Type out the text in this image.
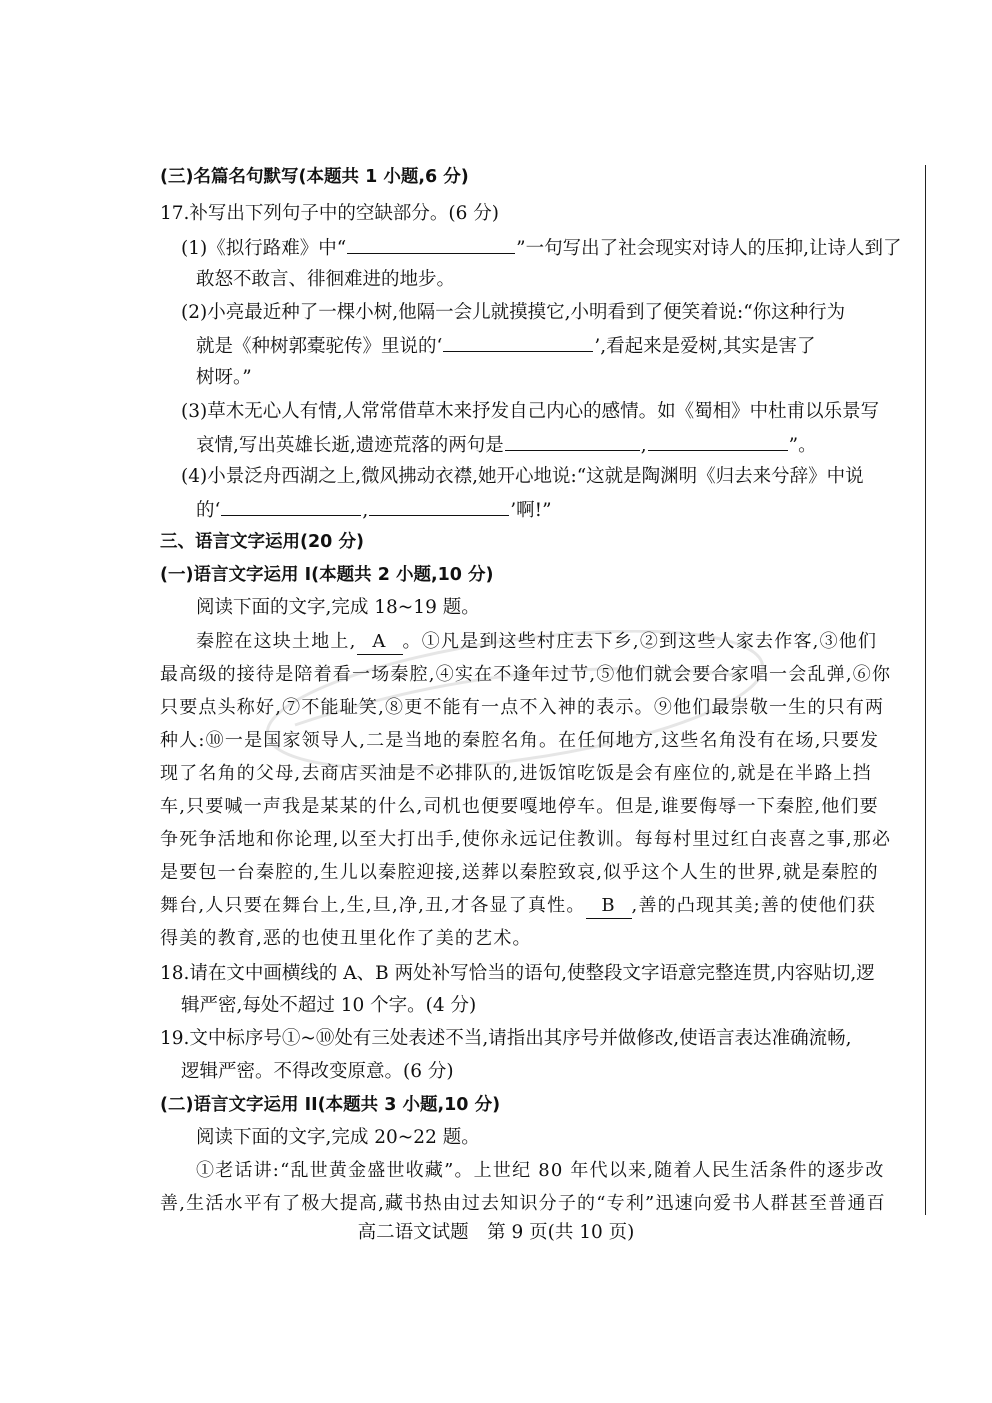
(三)名篇名句默写(本题共 1 小题,6 分)
17.补写出下列句子中的空缺部分。(6 分)
(1)《拟行路难》中“	”一句写出了社会现实对诗人的压抑,让诗人到了
敢怒不敢言、徘徊难进的地步。
(2)小亮最近种了一棵小树,他隔一会儿就摸摸它,小明看到了便笑着说:“你这种行为
就是《种树郭橐驼传》里说的‘	’,看起来是爱树,其实是害了
树呀。”
(3)草木无心人有情,人常常借草木来抒发自己内心的感情。如《蜀相》中杜甫以乐景写
哀情,写出英雄长逝,遗迹荒落的两句是	,	”。
(4)小景泛舟西湖之上,微风拂动衣襟,她开心地说:“这就是陶渊明《归去来兮辞》中说
的‘	,	’啊!”
三、语言文字运用(20 分)
(一)语言文字运用 I(本题共 2 小题,10 分)
阅读下面的文字,完成 18~19 题。
秦腔在这块土地上, A 。①凡是到这些村庄去下乡,②到这些人家去作客,③他们
最高级的接待是陪着看一场秦腔,④实在不逢年过节,⑤他们就会要合家唱一会乱弹,⑥你
只要点头称好,⑦不能耻笑,⑧更不能有一点不入神的表示。⑨他们最崇敬一生的只有两
种人:⑩一是国家领导人,二是当地的秦腔名角。在任何地方,这些名角没有在场,只要发
现了名角的父母,去商店买油是不必排队的,进饭馆吃饭是会有座位的,就是在半路上挡
车,只要喊一声我是某某的什么,司机也便要嘎地停车。但是,谁要侮辱一下秦腔,他们要
争死争活地和你论理,以至大打出手,使你永远记住教训。每每村里过红白丧喜之事,那必
是要包一台秦腔的,生儿以秦腔迎接,送葬以秦腔致哀,似乎这个人生的世界,就是秦腔的
舞台,人只要在舞台上,生,旦,净,丑,才各显了真性。 B ,善的凸现其美;善的使他们获
得美的教育,恶的也使丑里化作了美的艺术。
18.请在文中画横线的 A、B 两处补写恰当的语句,使整段文字语意完整连贯,内容贴切,逻
辑严密,每处不超过 10 个字。(4 分)
19.文中标序号①~⑩处有三处表述不当,请指出其序号并做修改,使语言表达准确流畅,
逻辑严密。不得改变原意。(6 分)
(二)语言文字运用 II(本题共 3 小题,10 分)
阅读下面的文字,完成 20~22 题。
①老话讲:“乱世黄金盛世收藏”。上世纪 80 年代以来,随着人民生活条件的逐步改
善,生活水平有了极大提高,藏书热由过去知识分子的“专利”迅速向爱书人群甚至普通百
高二语文试题　第 9 页(共 10 页)
